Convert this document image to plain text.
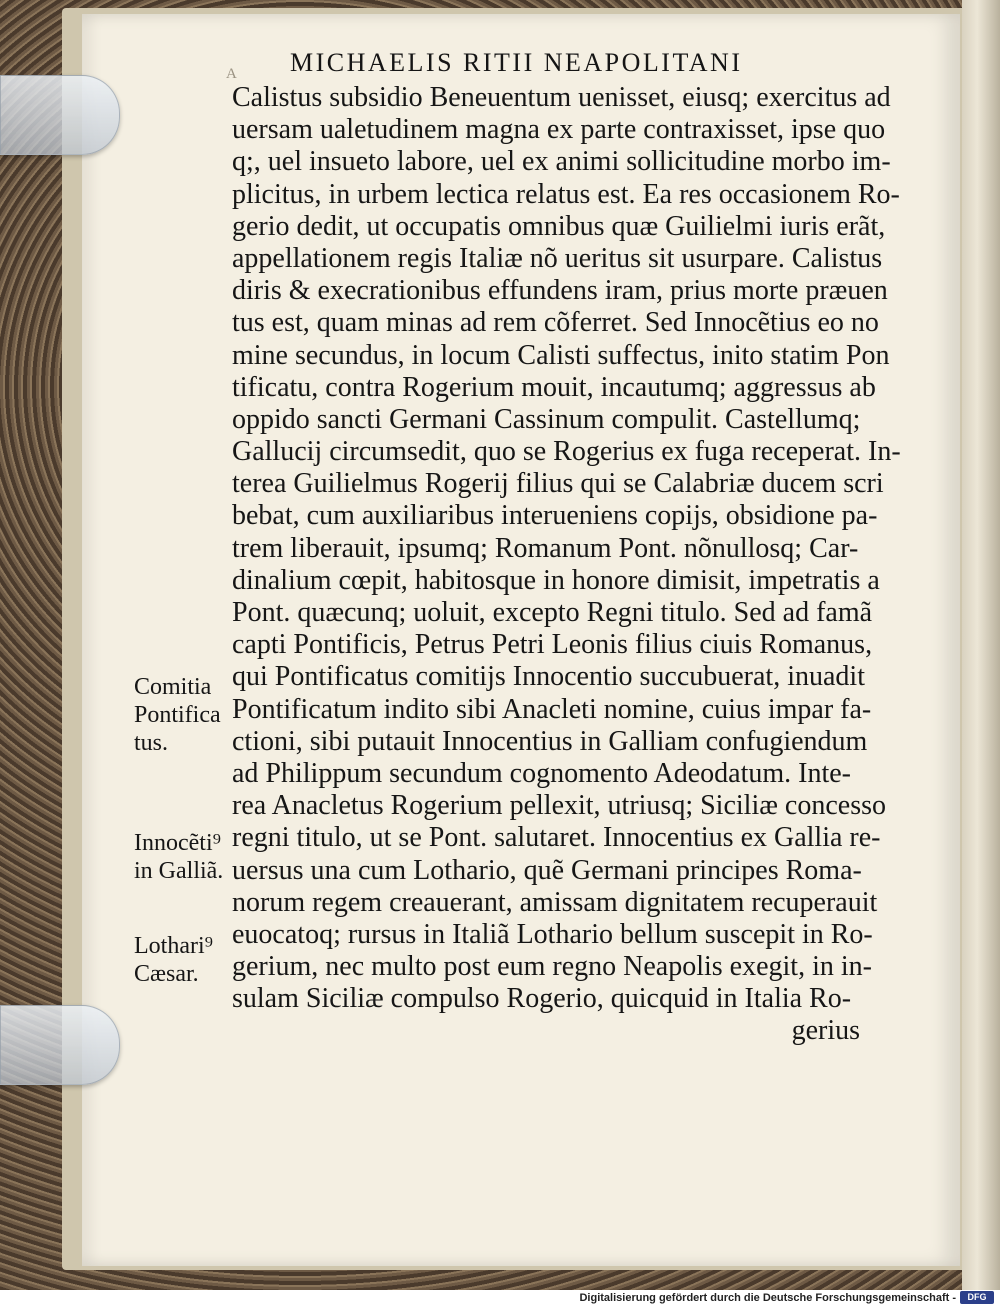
A MICHAELIS RITII NEAPOLITANI
Calistus subsidio Beneuentum uenisset, eiusq; exercitus ad
uersam ualetudinem magna ex parte contraxisset, ipse quo
q;, uel insueto labore, uel ex animi sollicitudine morbo im-
plicitus, in urbem lectica relatus est. Ea res occasionem Ro-
gerio dedit, ut occupatis omnibus quæ Guilielmi iuris erãt,
appellationem regis Italiæ nõ ueritus sit usurpare. Calistus
diris & execrationibus effundens iram, prius morte præuen
tus est, quam minas ad rem cõferret. Sed Innocẽtius eo no
mine secundus, in locum Calisti suffectus, inito statim Pon
tificatu, contra Rogerium mouit, incautumq; aggressus ab
oppido sancti Germani Cassinum compulit. Castellumq;
Gallucij circumsedit, quo se Rogerius ex fuga receperat. In-
terea Guilielmus Rogerij filius qui se Calabriæ ducem scri
bebat, cum auxiliaribus interueniens copijs, obsidione pa-
trem liberauit, ipsumq; Romanum Pont. nõnullosq; Car-
dinalium cœpit, habitosque in honore dimisit, impetratis a
Pont. quæcunq; uoluit, excepto Regni titulo. Sed ad famã
capti Pontificis, Petrus Petri Leonis filius ciuis Romanus,
qui Pontificatus comitijs Innocentio succubuerat, inuadit
Pontificatum indito sibi Anacleti nomine, cuius impar fa-
ctioni, sibi putauit Innocentius in Galliam confugiendum
ad Philippum secundum cognomento Adeodatum. Inte-
rea Anacletus Rogerium pellexit, utriusq; Siciliæ concesso
regni titulo, ut se Pont. salutaret. Innocentius ex Gallia re-
uersus una cum Lothario, quẽ Germani principes Roma-
norum regem creauerant, amissam dignitatem recuperauit
euocatoq; rursus in Italiã Lothario bellum suscepit in Ro-
gerium, nec multo post eum regno Neapolis exegit, in in-
sulam Siciliæ compulso Rogerio, quicquid in Italia Ro-
gerius
Comitia
Pontifica
tus.
Innocẽti⁹
in Galliã.
Lothari⁹
Cæsar.
Digitalisierung gefördert durch die Deutsche Forschungsgemeinschaft -	DFG
